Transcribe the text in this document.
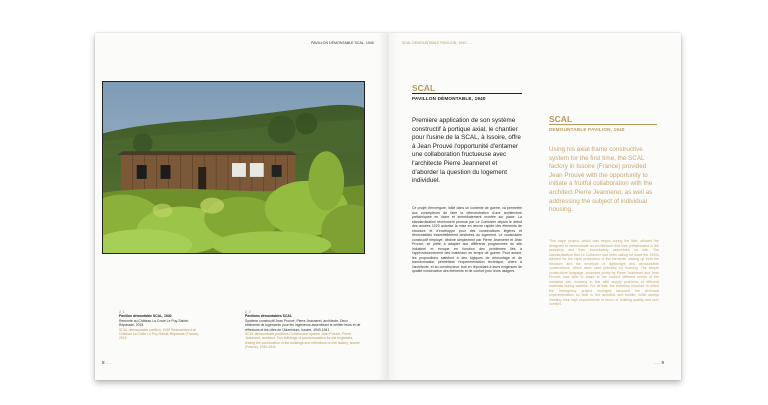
..... PAVILLON DÉMONTABLE SCAL, 1940
2_1
Pavillon démontable SCAL, 1940
Remonté au Château La Coste Le Puy-Sainte-Réparade, 2015
SCAL demountable pavilion, 1940 Reassembled at Château La Coste Le Puy-Sainte-Réparade (France), 2015
2_2
Pavillons démontables SCAL
Système constructif Jean Prouvé, Pierre Jeanneret, architecte. Deux bâtiments de logements pour les ingénieurs assemblant le vérifier leurs et de réflexions et les cités de l'Aluminium, Issoire, 1940-1941
SCAL demountable pavilions Construction system Jean Prouvé, Pierre Jeanneret, architect. Two buildings of accommodation for the engineers, testing the construction of the buildings and reflections on the factory, Issoire (France), 1940-1941
8 .....
SCAL DEMOUNTABLE PAVILION, 1940 .....
SCAL
PAVILLON DÉMONTABLE, 1940
Première application de son système constructif à portique axial, le chantier pour l'usine de la SCAL, à Issoire, offre à Jean Prouvé l'opportunité d'entamer une collaboration fructueuse avec l'architecte Pierre Jeanneret et d'aborder la question du logement individuel.
Ce projet d'envergure, initié dans un contexte de guerre, va permettre aux concepteurs de faire la démonstration d'une architecture préfabriquée en usine et immédiatement montée sur place. La standardisation récemment promue par Le Corbusier depuis le début des années 1920 autorise la mise en œuvre rapide des éléments de structure et d'enveloppe pour des constructions légères et démontables essentiellement destinées au logement. Le vocabulaire constructif employé, décliné simplement par Pierre Jeanneret et Jean Prouvé, se prête à adapter aux différents programmes du site industriel et évoque en fonction des problèmes liés à l'approvisionnement des matériaux en temps de guerre. Pour autant, les propositions satisfont à des logiques de démontage et de transformation permettant l'expérimentation technique, chère à l'architecte, et au constructeur, tout en répondant à leurs exigences de qualité constructive des éléments et de confort pour leurs usagers.
SCAL
DEMOUNTABLE PAVILION, 1940
Using his axial frame constructive system for the first time, the SCAL factory in Issoire (France) provided Jean Prouvé with the opportunity to initiate a fruitful collaboration with the architect Pierre Jeanneret, as well as addressing the subject of individual housing.
This major project, which was begun during the War, allowed the designers to demonstrate an architecture that was prefabricated in the workshop and then immediately assembled on site. The standardisation that Le Corbusier had been calling for since the 1920s allowed for the rapid production of the elements making up both the structure and the envelope of lightweight and demountable constructions, which were used primarily for housing. The simple constructive language, proposed jointly by Pierre Jeanneret and Jean Prouvé, was able to adapt to the various different needs of the industrial site, evolving in line with supply problems of different materials during wartime. For all that, the essential structure in which the emergency project emerged favoured the technical experimentation so dear to the architect and builder, while always meeting their high requirements in terms of building quality and user comfort.
..... 9
